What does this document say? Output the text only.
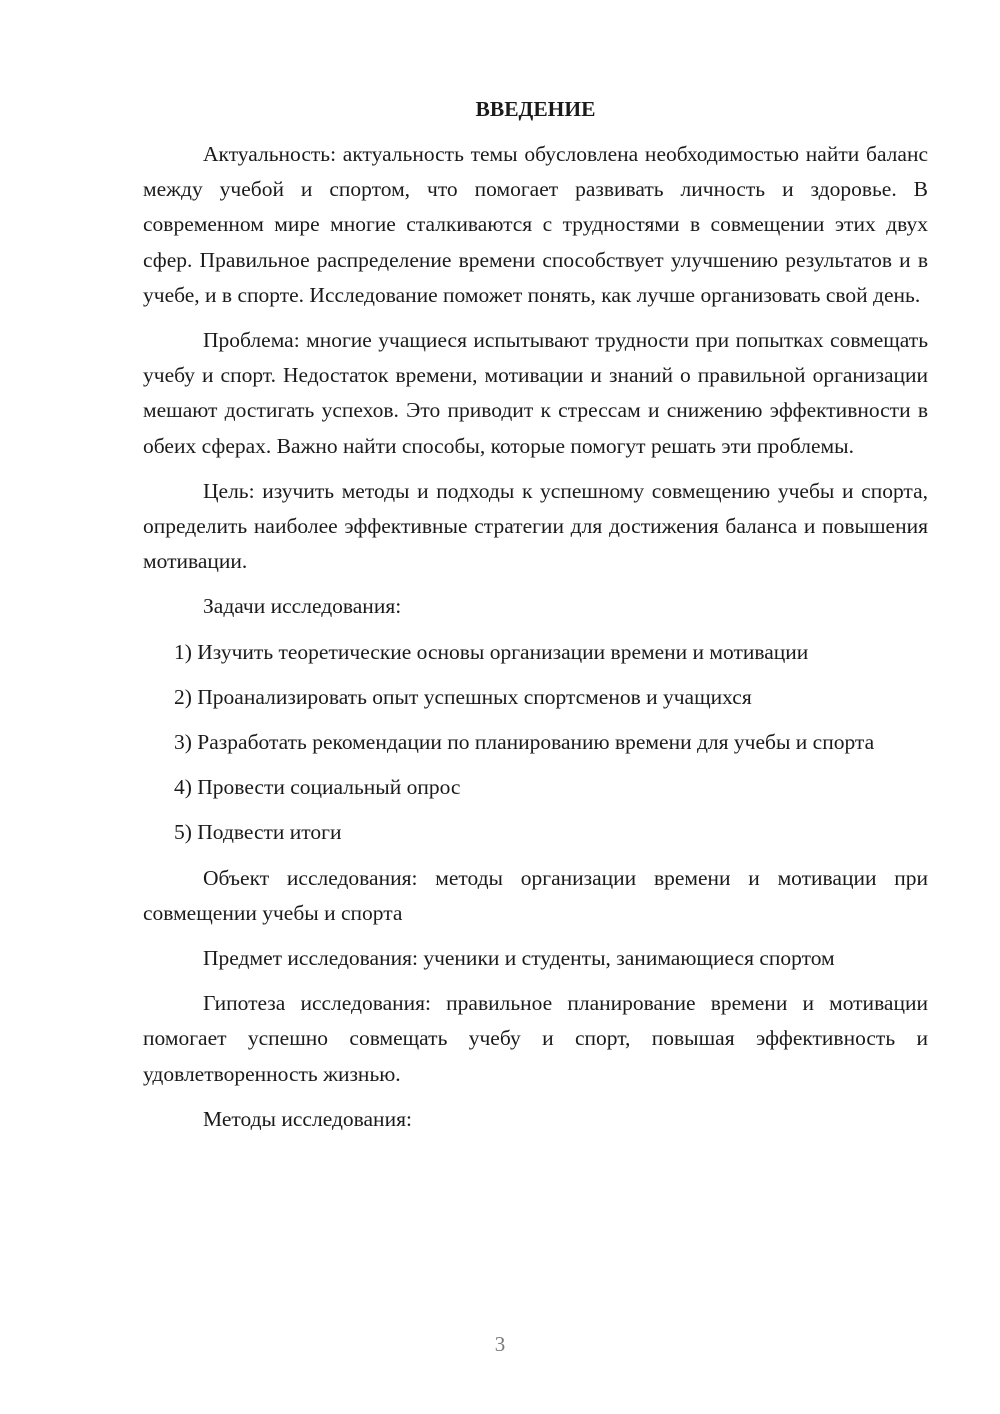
ВВЕДЕНИЕ

Актуальность: актуальность темы обусловлена необходимостью найти баланс между учебой и спортом, что помогает развивать личность и здоровье. В современном мире многие сталкиваются с трудностями в совмещении этих двух сфер. Правильное распределение времени способствует улучшению результатов и в учебе, и в спорте. Исследование поможет понять, как лучше организовать свой день.

Проблема: многие учащиеся испытывают трудности при попытках совмещать учебу и спорт. Недостаток времени, мотивации и знаний о правильной организации мешают достигать успехов. Это приводит к стрессам и снижению эффективности в обеих сферах. Важно найти способы, которые помогут решать эти проблемы.

Цель: изучить методы и подходы к успешному совмещению учебы и спорта, определить наиболее эффективные стратегии для достижения баланса и повышения мотивации.

Задачи исследования:

1) Изучить теоретические основы организации времени и мотивации

2) Проанализировать опыт успешных спортсменов и учащихся

3) Разработать рекомендации по планированию времени для учебы и спорта

4) Провести социальный опрос

5) Подвести итоги

Объект исследования: методы организации времени и мотивации при совмещении учебы и спорта

Предмет исследования: ученики и студенты, занимающиеся спортом

Гипотеза исследования: правильное планирование времени и мотивации помогает успешно совмещать учебу и спорт, повышая эффективность и удовлетворенность жизнью.

Методы исследования:

3
